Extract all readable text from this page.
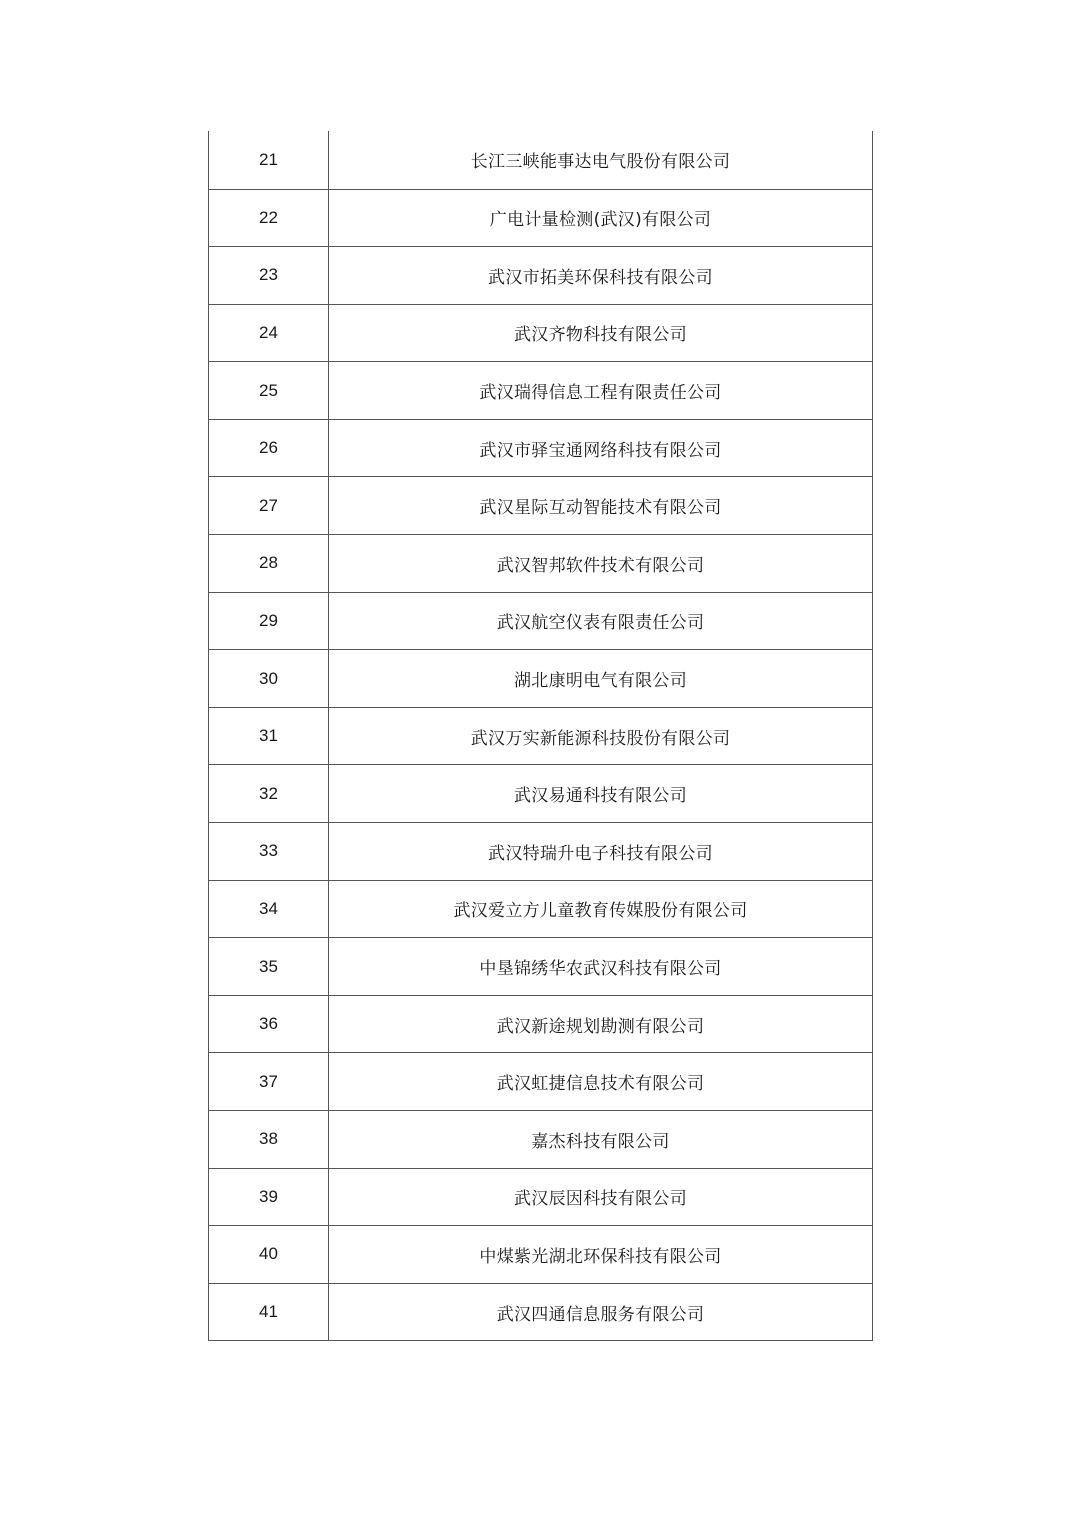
21	长江三峡能事达电气股份有限公司
22	广电计量检测(武汉)有限公司
23	武汉市拓美环保科技有限公司
24	武汉齐物科技有限公司
25	武汉瑞得信息工程有限责任公司
26	武汉市驿宝通网络科技有限公司
27	武汉星际互动智能技术有限公司
28	武汉智邦软件技术有限公司
29	武汉航空仪表有限责任公司
30	湖北康明电气有限公司
31	武汉万实新能源科技股份有限公司
32	武汉易通科技有限公司
33	武汉特瑞升电子科技有限公司
34	武汉爱立方儿童教育传媒股份有限公司
35	中垦锦绣华农武汉科技有限公司
36	武汉新途规划勘测有限公司
37	武汉虹捷信息技术有限公司
38	嘉杰科技有限公司
39	武汉辰因科技有限公司
40	中煤紫光湖北环保科技有限公司
41	武汉四通信息服务有限公司
